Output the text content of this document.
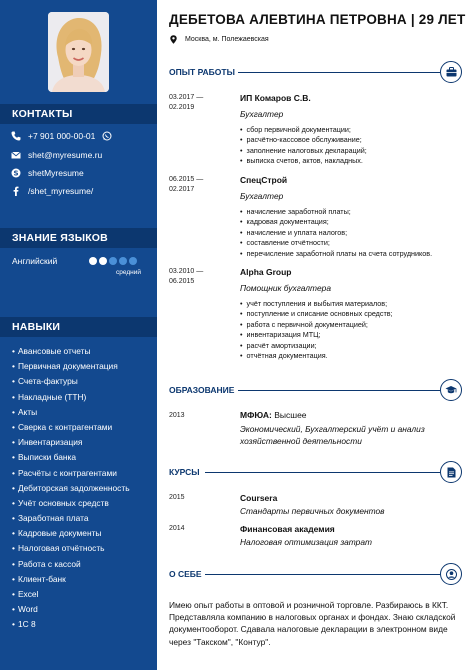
КОНТАКТЫ
+7 901 000-00-01
shet@myresume.ru
S shetMyresume
/shet_myresume/
ЗНАНИЕ ЯЗЫКОВ
Английский
средний
НАВЫКИ
• Авансовые отчеты
• Первичная документация
• Счета-фактуры
• Накладные (ТТН)
• Акты
• Сверка с контрагентами
• Инвентаризация
• Выписки банка
• Расчёты с контрагентами
• Дебиторская задолженность
• Учёт основных средств
• Заработная плата
• Кадровые документы
• Налоговая отчётность
• Работа с кассой
• Клиент-банк
• Excel
• Word
• 1С 8
ДЕБЕТОВА АЛЕВТИНА ПЕТРОВНА | 29 ЛЕТ
Москва, м. Полежаевская
ОПЫТ РАБОТЫ
03.2017 —
02.2019
ИП Комаров С.В.
Бухгалтер
• сбор первичной документации;
• расчётно-кассовое обслуживание;
• заполнение налоговых деклараций;
• выписка счетов, актов, накладных.
06.2015 —
02.2017
СпецСтрой
Бухгалтер
• начисление заработной платы;
• кадровая документация;
• начисление и уплата налогов;
• составление отчётности;
• перечисление заработной платы на счета сотрудников.
03.2010 —
06.2015
Alpha Group
Помощник бухгалтера
• учёт поступления и выбытия материалов;
• поступление и списание основных средств;
• работа с первичной документацией;
• инвентаризация МТЦ;
• расчёт амортизации;
• отчётная документация.
ОБРАЗОВАНИЕ
2013	МФЮА: Высшее
Экономический, Бухгалтерский учёт и анализ
хозяйственной деятельности
КУРСЫ
2015	Coursera
Стандарты первичных документов
2014	Финансовая академия
Налоговая оптимизация затрат
О СЕБЕ
Имею опыт работы в оптовой и розничной торговле. Разбираюсь в ККТ. Представляла компанию в налоговых органах и фондах. Знаю складской документооборот. Сдавала налоговые декларации в электронном виде через "Такском", "Контур".
